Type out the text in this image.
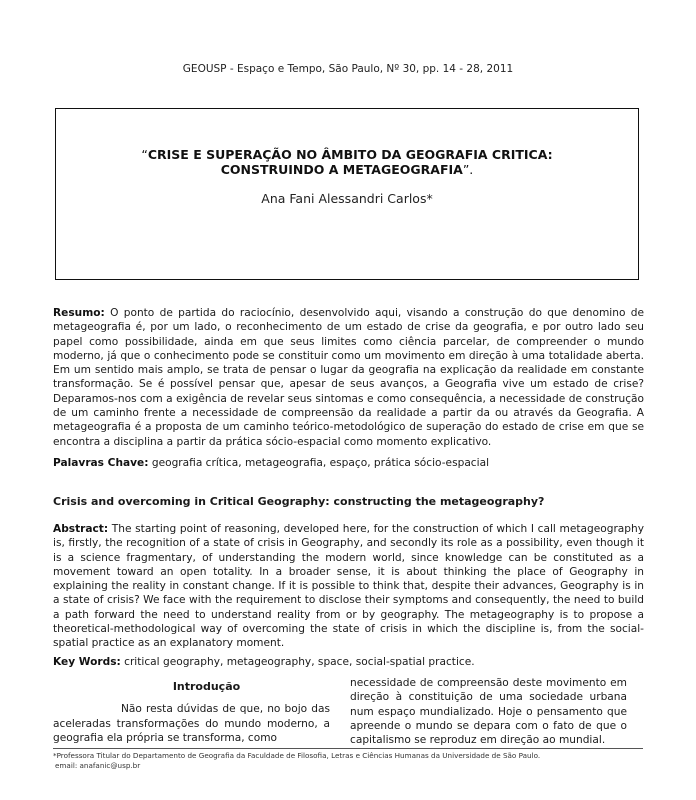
GEOUSP - Espaço e Tempo, São Paulo, Nº 30, pp. 14 - 28, 2011
“CRISE E SUPERAÇÃO NO ÂMBITO DA GEOGRAFIA CRITICA:
CONSTRUINDO A METAGEOGRAFIA”.
Ana Fani Alessandri Carlos*

Resumo: O ponto de partida do raciocínio, desenvolvido aqui, visando a construção do que denomino de metageografia é, por um lado, o reconhecimento de um estado de crise da geografia, e por outro lado seu papel como possibilidade, ainda em que seus limites como ciência parcelar, de compreender o mundo moderno, já que o conhecimento pode se constituir como um movimento em direção à uma totalidade aberta. Em um sentido mais amplo, se trata de pensar o lugar da geografia na explicação da realidade em constante transformação. Se é possível pensar que, apesar de seus avanços, a Geografia vive um estado de crise? Deparamos-nos com a exigência de revelar seus sintomas e como consequência, a necessidade de construção de um caminho frente a necessidade de compreensão da realidade a partir da ou através da Geografia. A metageografia é a proposta de um caminho teórico-metodológico de superação do estado de crise em que se encontra a disciplina a partir da prática sócio-espacial como momento explicativo.

Palavras Chave: geografia crítica, metageografia, espaço, prática sócio-espacial

Crisis and overcoming in Critical Geography: constructing the metageography?

Abstract: The starting point of reasoning, developed here, for the construction of which I call metageography is, firstly, the recognition of a state of crisis in Geography, and secondly its role as a possibility, even though it is a science fragmentary, of understanding the modern world, since knowledge can be constituted as a movement toward an open totality. In a broader sense, it is about thinking the place of Geography in explaining the reality in constant change. If it is possible to think that, despite their advances, Geography is in a state of crisis? We face with the requirement to disclose their symptoms and consequently, the need to build a path forward the need to understand reality from or by geography. The metageography is to propose a theoretical-methodological way of overcoming the state of crisis in which the discipline is, from the social-spatial practice as an explanatory moment.

Key Words: critical geography, metageography, space, social-spatial practice.

Introdução

Não resta dúvidas de que, no bojo das aceleradas transformações do mundo moderno, a geografia ela própria se transforma, como

necessidade de compreensão deste movimento em direção à constituição de uma sociedade urbana num espaço mundializado. Hoje o pensamento que apreende o mundo se depara com o fato de que o capitalismo se reproduz em direção ao mundial.

*Professora Titular do Departamento de Geografia da Faculdade de Filosofia, Letras e Ciências Humanas da Universidade de São Paulo.
email: anafanic@usp.br
